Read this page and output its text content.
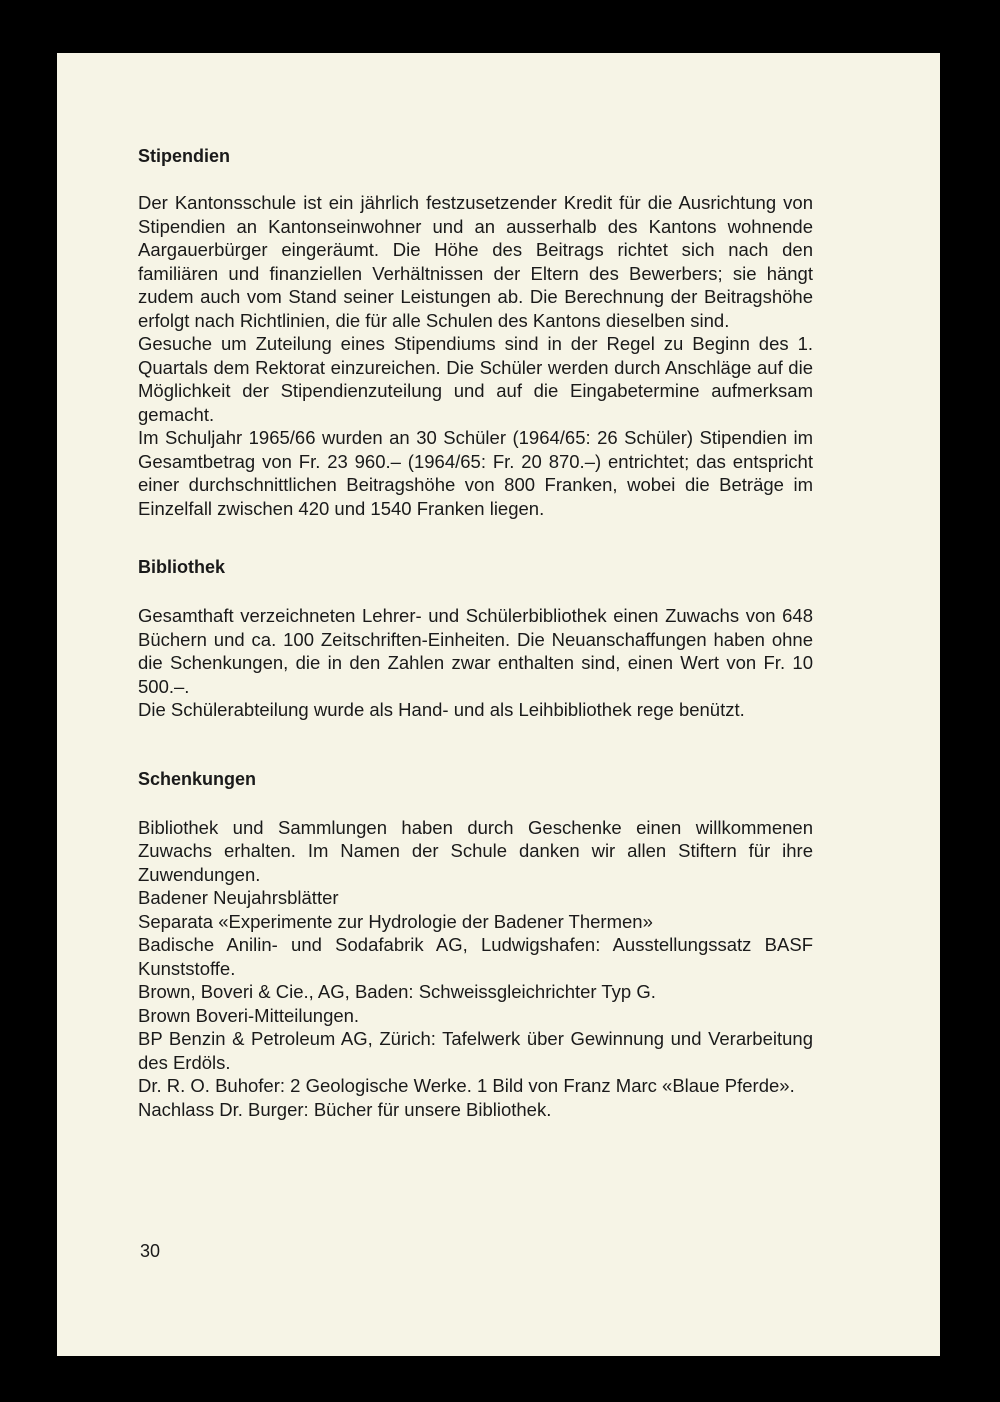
Stipendien

Der Kantonsschule ist ein jährlich festzusetzender Kredit für die Ausrichtung von Stipendien an Kantonseinwohner und an ausserhalb des Kantons wohnende Aargauerbürger eingeräumt. Die Höhe des Beitrags richtet sich nach den familiären und finanziellen Verhältnissen der Eltern des Bewerbers; sie hängt zudem auch vom Stand seiner Leistungen ab. Die Berechnung der Beitragshöhe erfolgt nach Richtlinien, die für alle Schulen des Kantons dieselben sind.

Gesuche um Zuteilung eines Stipendiums sind in der Regel zu Beginn des 1. Quartals dem Rektorat einzureichen. Die Schüler werden durch Anschläge auf die Möglichkeit der Stipendienzuteilung und auf die Eingabetermine aufmerksam gemacht.

Im Schuljahr 1965/66 wurden an 30 Schüler (1964/65: 26 Schüler) Stipendien im Gesamtbetrag von Fr. 23 960.– (1964/65: Fr. 20 870.–) entrichtet; das entspricht einer durchschnittlichen Beitragshöhe von 800 Franken, wobei die Beträge im Einzelfall zwischen 420 und 1540 Franken liegen.

Bibliothek

Gesamthaft verzeichneten Lehrer- und Schülerbibliothek einen Zuwachs von 648 Büchern und ca. 100 Zeitschriften-Einheiten. Die Neuanschaffungen haben ohne die Schenkungen, die in den Zahlen zwar enthalten sind, einen Wert von Fr. 10 500.–.

Die Schülerabteilung wurde als Hand- und als Leihbibliothek rege benützt.

Schenkungen

Bibliothek und Sammlungen haben durch Geschenke einen willkommenen Zuwachs erhalten. Im Namen der Schule danken wir allen Stiftern für ihre Zuwendungen.

Badener Neujahrsblätter

Separata «Experimente zur Hydrologie der Badener Thermen»

Badische Anilin- und Sodafabrik AG, Ludwigshafen: Ausstellungssatz BASF Kunststoffe.

Brown, Boveri & Cie., AG, Baden: Schweissgleichrichter Typ G.

Brown Boveri-Mitteilungen.

BP Benzin & Petroleum AG, Zürich: Tafelwerk über Gewinnung und Verarbeitung des Erdöls.

Dr. R. O. Buhofer: 2 Geologische Werke. 1 Bild von Franz Marc «Blaue Pferde».

Nachlass Dr. Burger: Bücher für unsere Bibliothek.

30
